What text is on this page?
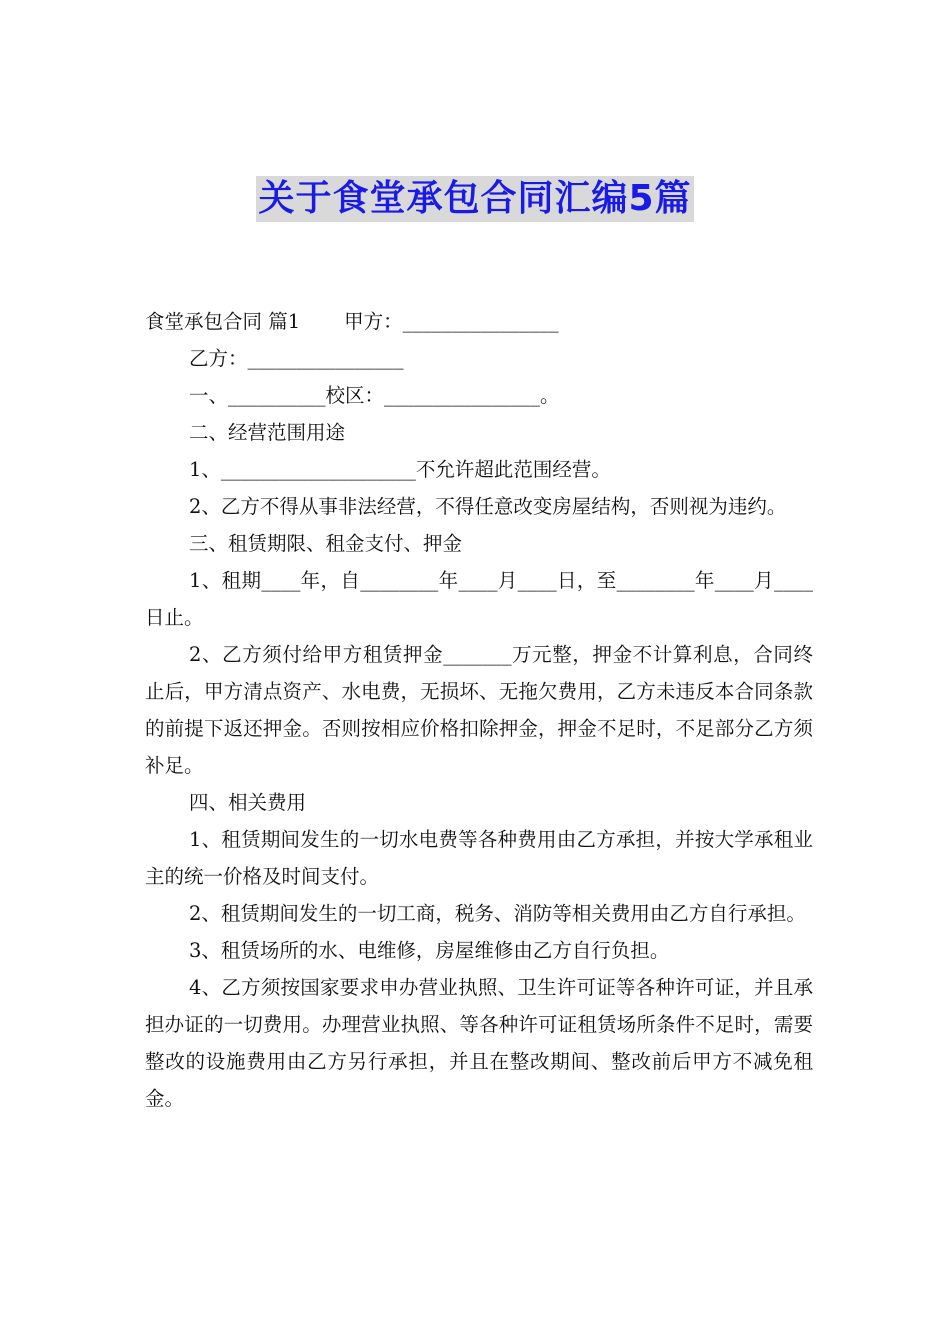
关于食堂承包合同汇编5篇

食堂承包合同 篇1 甲方：________________

乙方：________________

一、__________校区：________________。

二、经营范围用途

1、____________________不允许超此范围经营。

2、乙方不得从事非法经营，不得任意改变房屋结构，否则视为违约。

三、租赁期限、租金支付、押金

1、租期____年，自________年____月____日，至________年____月____日止。

2、乙方须付给甲方租赁押金_______万元整，押金不计算利息，合同终止后，甲方清点资产、水电费，无损坏、无拖欠费用，乙方未违反本合同条款的前提下返还押金。否则按相应价格扣除押金，押金不足时，不足部分乙方须补足。

四、相关费用

1、租赁期间发生的一切水电费等各种费用由乙方承担，并按大学承租业主的统一价格及时间支付。

2、租赁期间发生的一切工商，税务、消防等相关费用由乙方自行承担。

3、租赁场所的水、电维修，房屋维修由乙方自行负担。

4、乙方须按国家要求申办营业执照、卫生许可证等各种许可证，并且承担办证的一切费用。办理营业执照、等各种许可证租赁场所条件不足时，需要整改的设施费用由乙方另行承担，并且在整改期间、整改前后甲方不减免租金。
